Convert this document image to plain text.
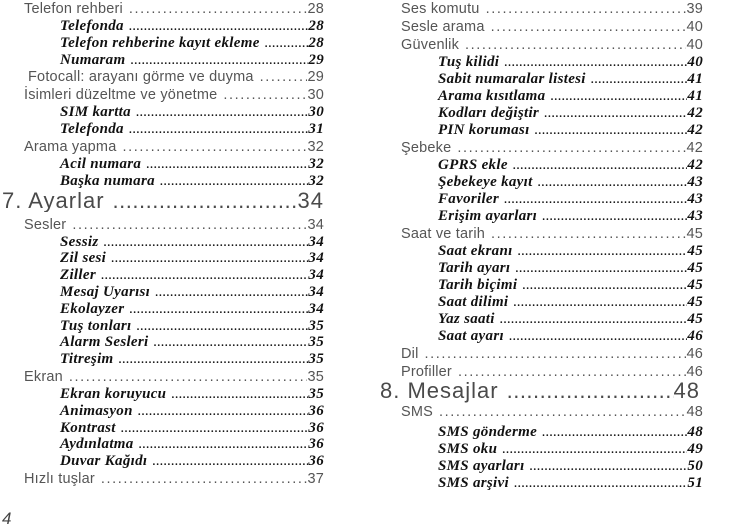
Telefon rehberi .....	28
Telefonda .....	28
Telefon rehberine kayıt ekleme .....	28
Numaram .....	29
Fotocall: arayanı görme ve duyma .....	29
İsimleri düzeltme ve yönetme .....	30
SIM kartta .....	30
Telefonda .....	31
Arama yapma .....	32
Acil numara .....	32
Başka numara .....	32
7. Ayarlar .....	34
Sesler .....	34
Sessiz .....	34
Zil sesi .....	34
Ziller .....	34
Mesaj Uyarısı .....	34
Ekolayzer .....	34
Tuş tonları .....	35
Alarm Sesleri .....	35
Titreşim .....	35
Ekran .....	35
Ekran koruyucu .....	35
Animasyon .....	36
Kontrast .....	36
Aydınlatma .....	36
Duvar Kağıdı .....	36
Hızlı tuşlar .....	37
Ses komutu .....	39
Sesle arama .....	40
Güvenlik .....	40
Tuş kilidi .....	40
Sabit numaralar listesi .....	41
Arama kısıtlama .....	41
Kodları değiştir .....	42
PIN koruması .....	42
Şebeke .....	42
GPRS ekle .....	42
Şebekeye kayıt .....	43
Favoriler .....	43
Erişim ayarları .....	43
Saat ve tarih .....	45
Saat ekranı .....	45
Tarih ayarı .....	45
Tarih biçimi .....	45
Saat dilimi .....	45
Yaz saati .....	45
Saat ayarı .....	46
Dil .....	46
Profiller .....	46
8. Mesajlar .....	48
SMS .....	48
SMS gönderme .....	48
SMS oku .....	49
SMS ayarları .....	50
SMS arşivi .....	51
4
